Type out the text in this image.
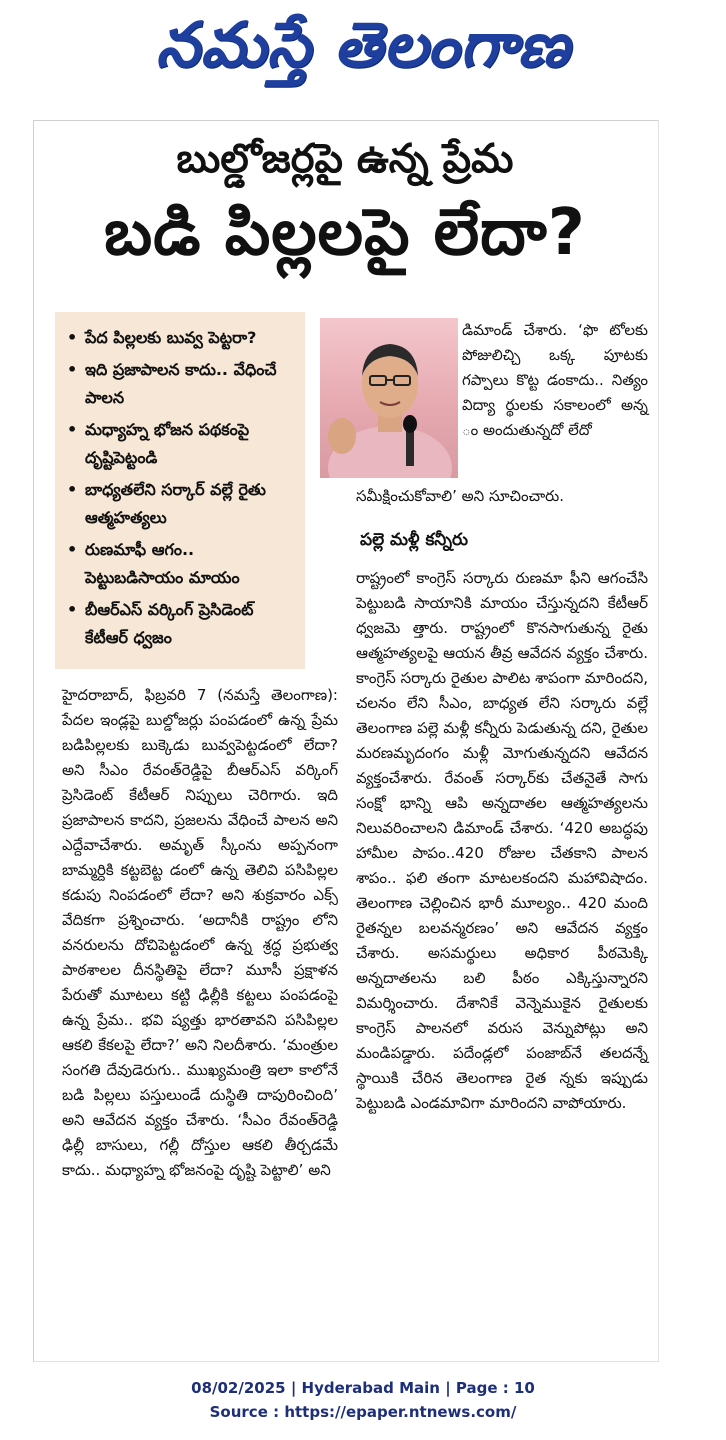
నమస్తే తెలంగాణ
బుల్డోజర్లపై ఉన్న ప్రేమ
బడి పిల్లలపై లేదా?
• పేద పిల్లలకు బువ్వ పెట్టరా?
• ఇది ప్రజాపాలన కాదు.. వేధించే పాలన
• మధ్యాహ్న భోజన పథకంపై దృష్టిపెట్టండి
• బాధ్యతలేని సర్కార్ వల్లే రైతు ఆత్మహత్యలు
• రుణమాఫీ ఆగం.. పెట్టుబడిసాయం మాయం
• బీఆర్ఎస్ వర్కింగ్ ప్రెసిడెంట్ కేటీఆర్ ధ్వజం
డిమాండ్ చేశారు. ‘ఫొ టోలకు పోజులిచ్చి ఒక్క పూటకు గప్పాలు కొట్ట డంకాదు.. నిత్యం విద్యా ర్థులకు సకాలంలో అన్న ం అందుతున్నదో లేదో
సమీక్షించుకోవాలి’ అని సూచించారు.
పల్లె మళ్లీ కన్నీరు
రాష్ట్రంలో కాంగ్రెస్ సర్కారు రుణమా ఫీని ఆగంచేసి పెట్టుబడి సాయానికి మాయం చేస్తున్నదని కేటీఆర్ ధ్వజమె త్తారు. రాష్ట్రంలో కొనసాగుతున్న రైతు ఆత్మహత్యలపై ఆయన తీవ్ర ఆవేదన వ్యక్తం చేశారు. కాంగ్రెస్ సర్కారు రైతుల పాలిట శాపంగా మారిందని, చలనం లేని సీఎం, బాధ్యత లేని సర్కారు వల్లే తెలంగాణ పల్లె మళ్లీ కన్నీరు పెడుతున్న దని, రైతుల మరణమృదంగం మళ్లీ మోగుతున్నదని ఆవేదన వ్యక్తంచేశారు. రేవంత్ సర్కార్‌కు చేతనైతే సాగు సంక్షో భాన్ని ఆపి అన్నదాతల ఆత్మహత్యలను నిలువరించాలని డిమాండ్ చేశారు. ‘420 అబద్ధపు హామీల పాపం..420 రోజుల చేతకాని పాలన శాపం.. ఫలి తంగా మాటలకందని మహావిషాదం. తెలంగాణ చెల్లించిన భారీ మూల్యం.. 420 మంది రైతన్నల బలవన్మరణం’ అని ఆవేదన వ్యక్తం చేశారు. అసమర్థులు అధికార పీఠమెక్కి అన్నదాతలను బలి పీఠం ఎక్కిస్తున్నారని విమర్శించారు. దేశానికే వెన్నెముకైన రైతులకు కాంగ్రెస్ పాలనలో వరుస వెన్నుపోట్లు అని మండిపడ్డారు. పదేండ్లలో పంజాబ్‌నే తలదన్నే స్థాయికి చేరిన తెలంగాణ రైత న్నకు ఇప్పుడు పెట్టుబడి ఎండమావిగా మారిందని వాపోయారు.
హైదరాబాద్, ఫిబ్రవరి 7 (నమస్తే తెలంగాణ): పేదల ఇండ్లపై బుల్డోజర్లు పంపడంలో ఉన్న ప్రేమ బడిపిల్లలకు బుక్కెడు బువ్వపెట్టడంలో లేదా? అని సీఎం రేవంత్‌రెడ్డిపై బీఆర్ఎస్ వర్కింగ్ ప్రెసిడెంట్ కేటీఆర్ నిప్పులు చెరిగారు. ఇది ప్రజాపాలన కాదని, ప్రజలను వేధించే పాలన అని ఎద్దేవాచేశారు. అమృత్ స్కీంను అప్పనంగా బామ్మర్దికి కట్టబెట్ట డంలో ఉన్న తెలివి పసిపిల్లల కడుపు నింపడంలో లేదా? అని శుక్రవారం ఎక్స్ వేదికగా ప్రశ్నించారు. ‘అదానీకి రాష్ట్రం లోని వనరులను దోచిపెట్టడంలో ఉన్న శ్రద్ధ ప్రభుత్వ పాఠశాలల దీనస్థితిపై లేదా? మూసీ ప్రక్షాళన పేరుతో మూటలు కట్టి ఢిల్లీకి కట్టలు పంపడంపై ఉన్న ప్రేమ.. భవి ష్యత్తు భారతావని పసిపిల్లల ఆకలి కేకలపై లేదా?’ అని నిలదీశారు. ‘మంత్రుల సంగతి దేవుడెరుగు.. ముఖ్యమంత్రి ఇలా కాలోనే బడి పిల్లలు పస్తులుండే దుస్థితి దాపురించింది’ అని ఆవేదన వ్యక్తం చేశారు. ‘సీఎం రేవంత్‌రెడ్డి ఢిల్లీ బాసులు, గల్లీ దోస్తుల ఆకలి తీర్చడమే కాదు.. మధ్యాహ్న భోజనంపై దృష్టి పెట్టాలి’ అని
08/02/2025 | Hyderabad Main | Page : 10
Source : https://epaper.ntnews.com/
